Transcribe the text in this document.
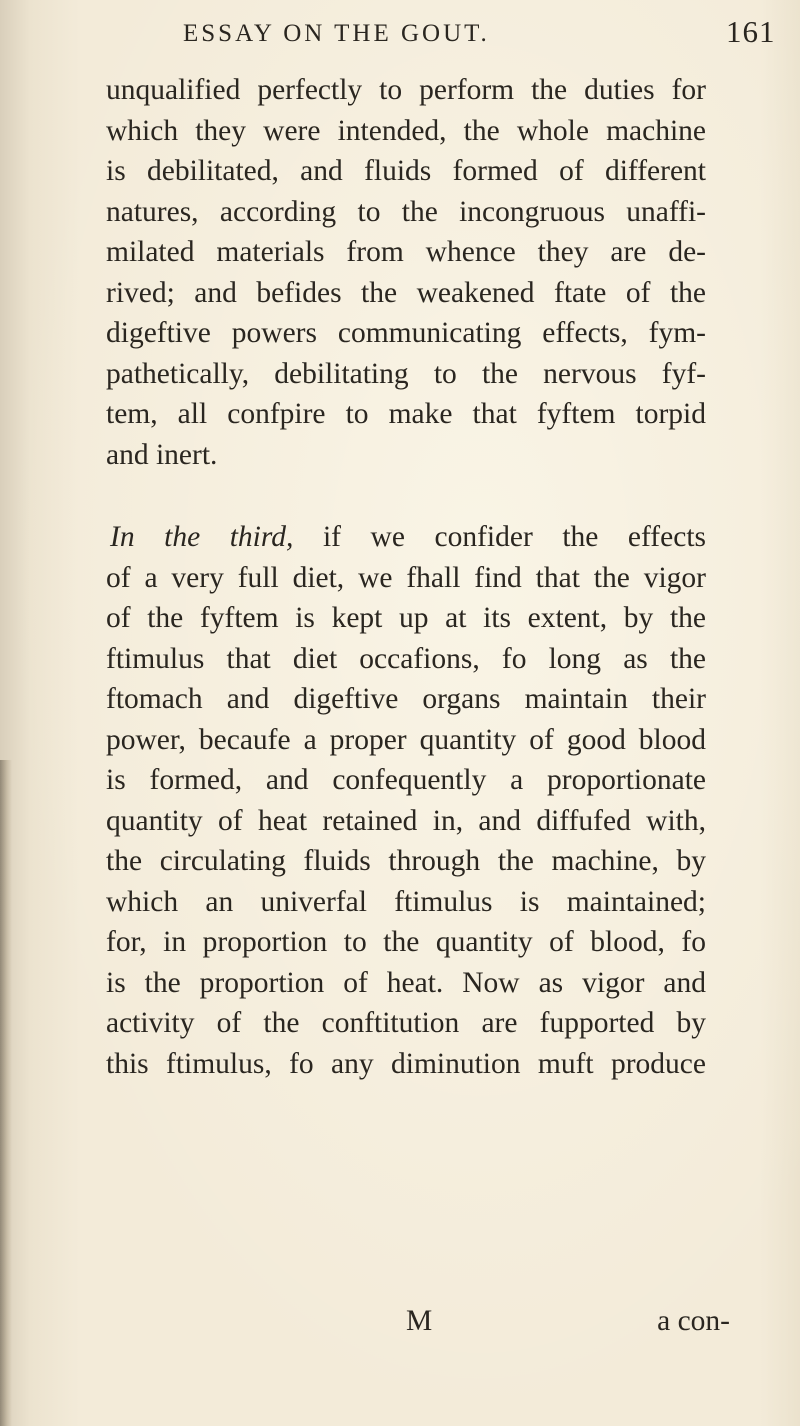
ESSAY ON THE GOUT.	161
unqualified perfectly to perform the duties for
which they were intended, the whole machine
is debilitated, and fluids formed of different
natures, according to the incongruous unaffi-
milated materials from whence they are de-
rived; and befides the weakened ftate of the
digeftive powers communicating effects, fym-
pathetically, debilitating to the nervous fyf-
tem, all confpire to make that fyftem torpid
and inert.
In the third, if we confider the effects
of a very full diet, we fhall find that the vigor
of the fyftem is kept up at its extent, by the
ftimulus that diet occafions, fo long as the
ftomach and digeftive organs maintain their
power, becaufe a proper quantity of good blood
is formed, and confequently a proportionate
quantity of heat retained in, and diffufed with,
the circulating fluids through the machine, by
which an univerfal ftimulus is maintained;
for, in proportion to the quantity of blood, fo
is the proportion of heat. Now as vigor and
activity of the conftitution are fupported by
this ftimulus, fo any diminution muft produce
M	a con-
